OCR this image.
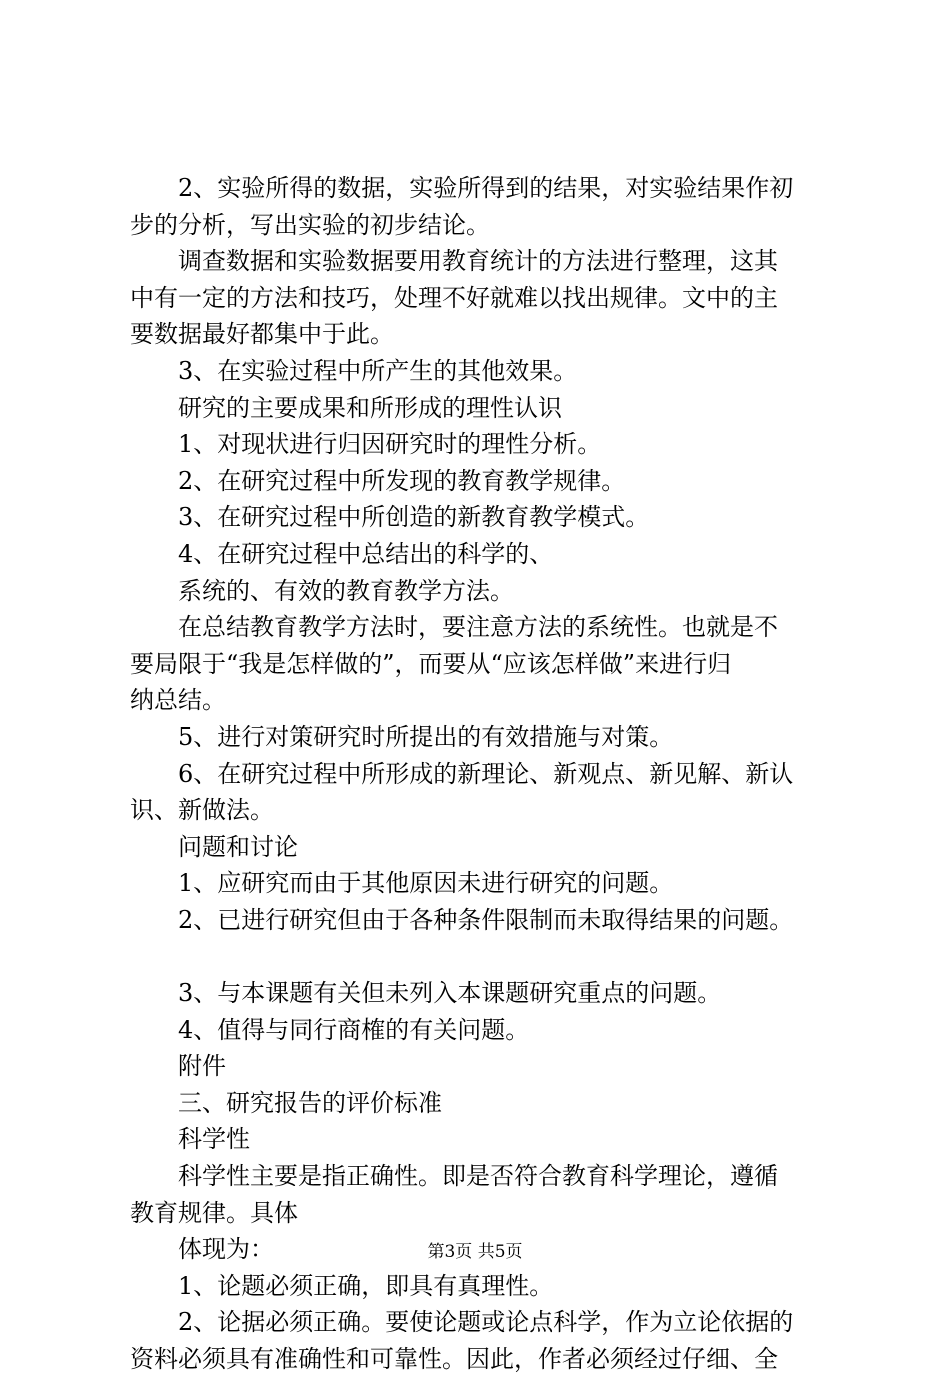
2、实验所得的数据，实验所得到的结果，对实验结果作初
步的分析，写出实验的初步结论。
调查数据和实验数据要用教育统计的方法进行整理，这其
中有一定的方法和技巧，处理不好就难以找出规律。文中的主
要数据最好都集中于此。
3、在实验过程中所产生的其他效果。
研究的主要成果和所形成的理性认识
1、对现状进行归因研究时的理性分析。
2、在研究过程中所发现的教育教学规律。
3、在研究过程中所创造的新教育教学模式。
4、在研究过程中总结出的科学的、
系统的、有效的教育教学方法。
在总结教育教学方法时，要注意方法的系统性。也就是不
要局限于“我是怎样做的”，而要从“应该怎样做”来进行归
纳总结。
5、进行对策研究时所提出的有效措施与对策。
6、在研究过程中所形成的新理论、新观点、新见解、新认
识、新做法。
问题和讨论
1、应研究而由于其他原因未进行研究的问题。
2、已进行研究但由于各种条件限制而未取得结果的问题。
3、与本课题有关但未列入本课题研究重点的问题。
4、值得与同行商榷的有关问题。
附件
三、研究报告的评价标准
科学性
科学性主要是指正确性。即是否符合教育科学理论，遵循
教育规律。具体
体现为：
1、论题必须正确，即具有真理性。
2、论据必须正确。要使论题或论点科学，作为立论依据的
资料必须具有准确性和可靠性。因此，作者必须经过仔细、全
第3页 共5页
